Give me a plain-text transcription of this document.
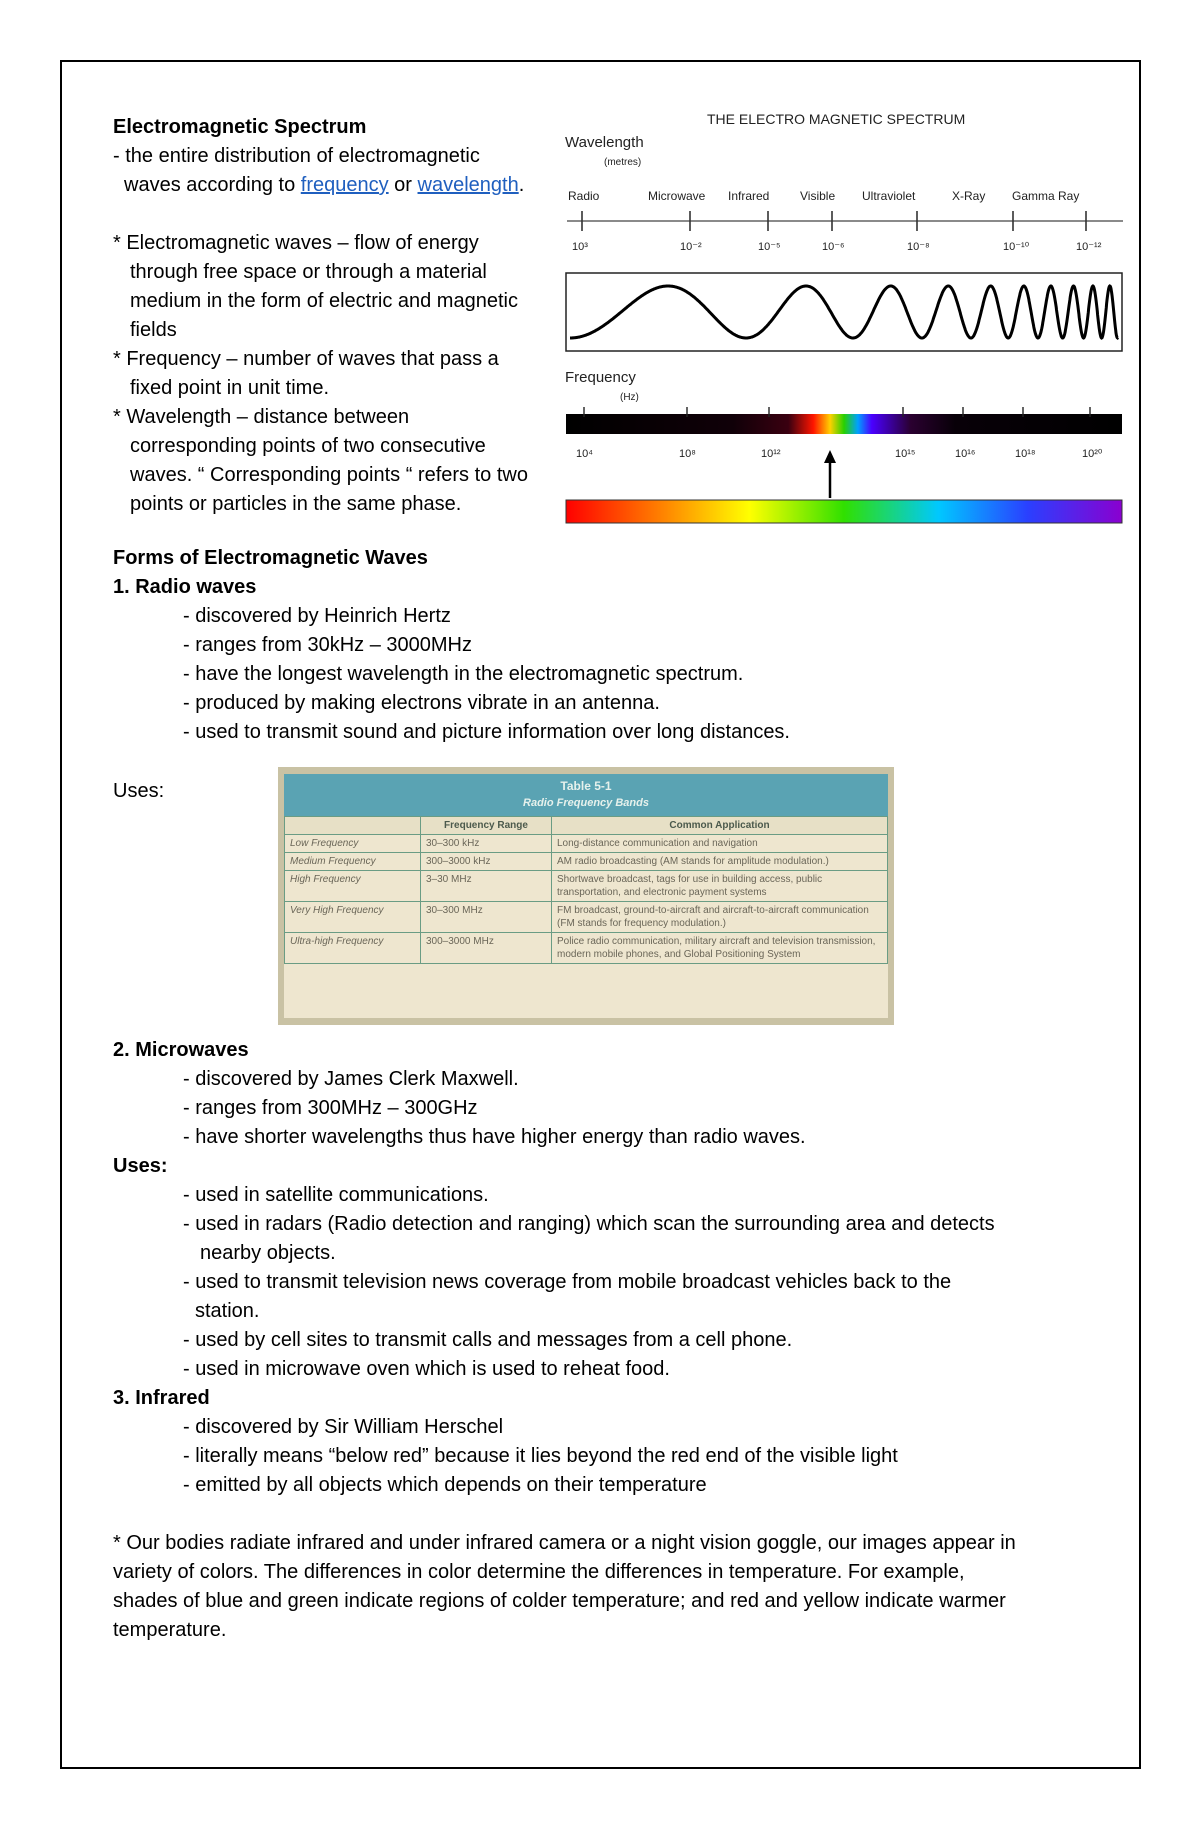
Electromagnetic Spectrum
- the entire distribution of electromagnetic
waves according to frequency or wavelength.
* Electromagnetic waves – flow of energy
through free space or through a material
medium in the form of electric and magnetic
fields
* Frequency – number of waves that pass a
fixed point in unit time.
* Wavelength – distance between
corresponding points of two consecutive
waves. “ Corresponding points “ refers to two
points or particles in the same phase.
THE ELECTRO MAGNETIC SPECTRUM
Wavelength
(metres)
Radio	Microwave Infrared	Visible Ultraviolet	X-Ray Gamma Ray
10³	10⁻²	10⁻⁵	10⁻⁶	10⁻⁸	10⁻¹⁰	10⁻¹²
Frequency
(Hz)
10⁴	10⁸	10¹²	10¹⁵	10¹⁶	10¹⁸	10²⁰
Forms of Electromagnetic Waves
1. Radio waves
- discovered by Heinrich Hertz
- ranges from 30kHz – 3000MHz
- have the longest wavelength in the electromagnetic spectrum.
- produced by making electrons vibrate in an antenna.
- used to transmit sound and picture information over long distances.
Uses:	Table 5-1
Radio Frequency Bands
	Frequency Range	Common Application
Low Frequency	30–300 kHz	Long-distance communication and navigation
Medium Frequency	300–3000 kHz	AM radio broadcasting (AM stands for amplitude modulation.)
High Frequency	3–30 MHz	Shortwave broadcast, tags for use in building access, public transportation, and electronic payment systems
Very High Frequency	30–300 MHz	FM broadcast, ground-to-aircraft and aircraft-to-aircraft communication (FM stands for frequency modulation.)
Ultra-high Frequency	300–3000 MHz	Police radio communication, military aircraft and television transmission, modern mobile phones, and Global Positioning System
2. Microwaves
- discovered by James Clerk Maxwell.
- ranges from 300MHz – 300GHz
- have shorter wavelengths thus have higher energy than radio waves.
Uses:
- used in satellite communications.
- used in radars (Radio detection and ranging) which scan the surrounding area and detects
nearby objects.
- used to transmit television news coverage from mobile broadcast vehicles back to the
station.
- used by cell sites to transmit calls and messages from a cell phone.
- used in microwave oven which is used to reheat food.
3. Infrared
- discovered by Sir William Herschel
- literally means “below red” because it lies beyond the red end of the visible light
- emitted by all objects which depends on their temperature
* Our bodies radiate infrared and under infrared camera or a night vision goggle, our images appear in
variety of colors. The differences in color determine the differences in temperature. For example,
shades of blue and green indicate regions of colder temperature; and red and yellow indicate warmer
temperature.
